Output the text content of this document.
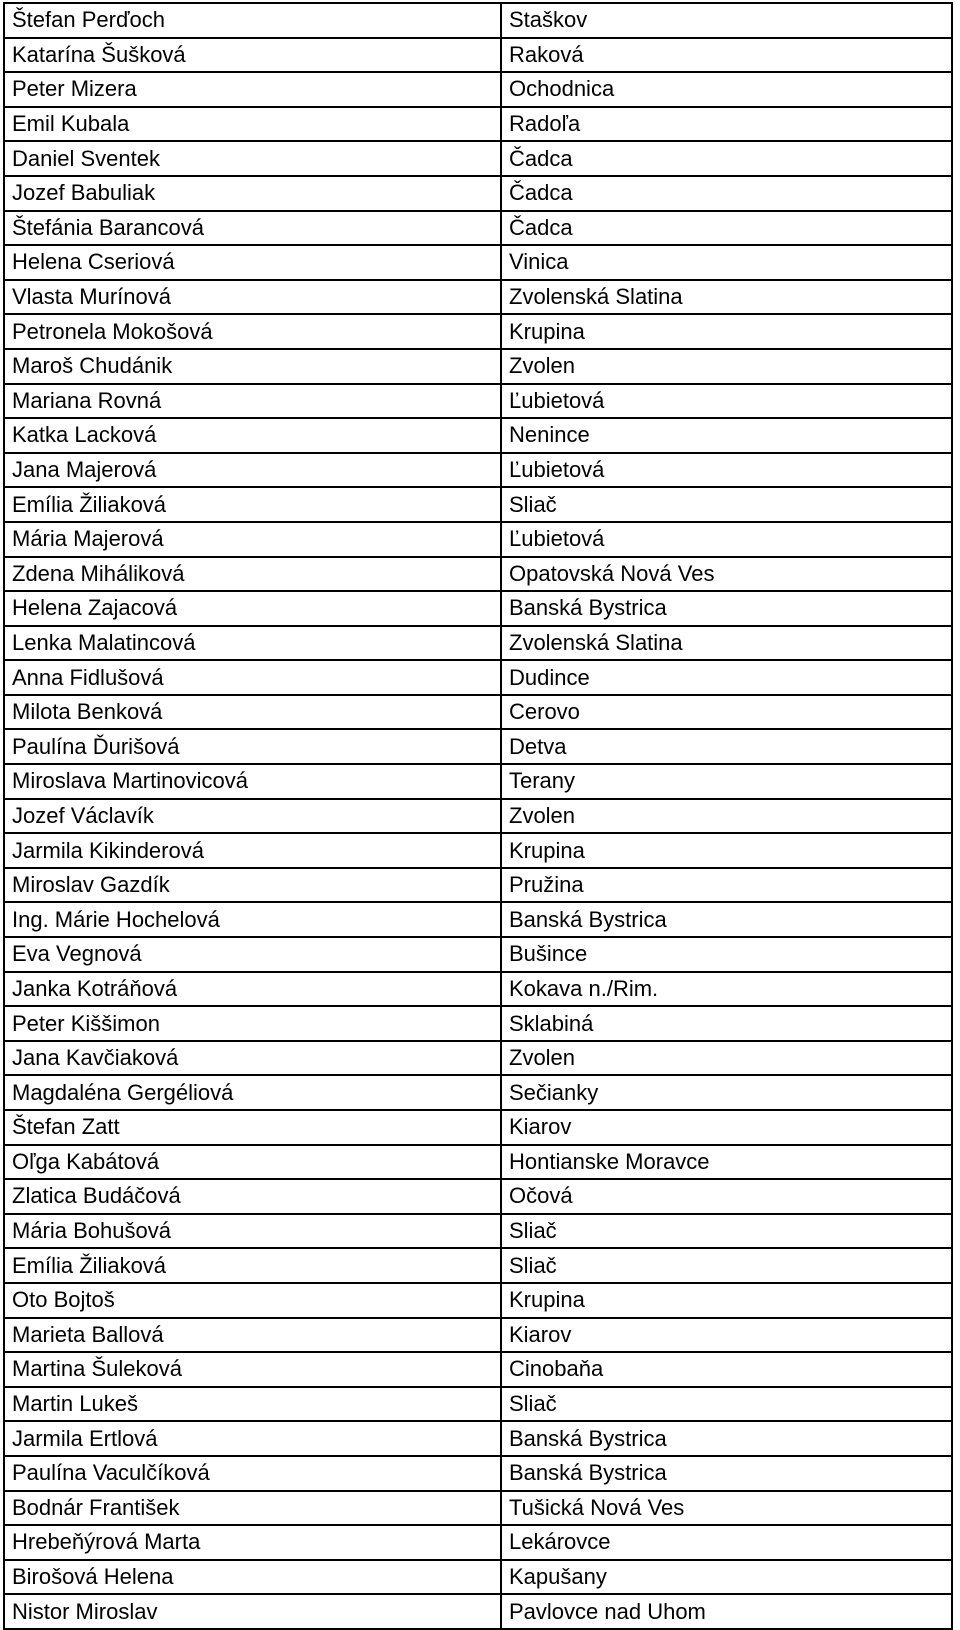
Štefan Perďoch	Staškov
Katarína Šušková	Raková
Peter Mizera	Ochodnica
Emil Kubala	Radoľa
Daniel Sventek	Čadca
Jozef Babuliak	Čadca
Štefánia Barancová	Čadca
Helena Cseriová	Vinica
Vlasta Murínová	Zvolenská Slatina
Petronela Mokošová	Krupina
Maroš Chudánik	Zvolen
Mariana Rovná	Ľubietová
Katka Lacková	Nenince
Jana Majerová	Ľubietová
Emília Žiliaková	Sliač
Mária Majerová	Ľubietová
Zdena Miháliková	Opatovská Nová Ves
Helena Zajacová	Banská Bystrica
Lenka Malatincová	Zvolenská Slatina
Anna Fidlušová	Dudince
Milota Benková	Cerovo
Paulína Ďurišová	Detva
Miroslava Martinovicová	Terany
Jozef Václavík	Zvolen
Jarmila Kikinderová	Krupina
Miroslav Gazdík	Pružina
Ing. Márie Hochelová	Banská Bystrica
Eva Vegnová	Bušince
Janka Kotráňová	Kokava n./Rim.
Peter Kiššimon	Sklabiná
Jana Kavčiaková	Zvolen
Magdaléna Gergéliová	Sečianky
Štefan Zatt	Kiarov
Oľga Kabátová	Hontianske Moravce
Zlatica Budáčová	Očová
Mária Bohušová	Sliač
Emília Žiliaková	Sliač
Oto Bojtoš	Krupina
Marieta Ballová	Kiarov
Martina Šuleková	Cinobaňa
Martin Lukeš	Sliač
Jarmila Ertlová	Banská Bystrica
Paulína Vaculčíková	Banská Bystrica
Bodnár František	Tušická Nová Ves
Hrebeňýrová Marta	Lekárovce
Birošová Helena	Kapušany
Nistor Miroslav	Pavlovce nad Uhom
